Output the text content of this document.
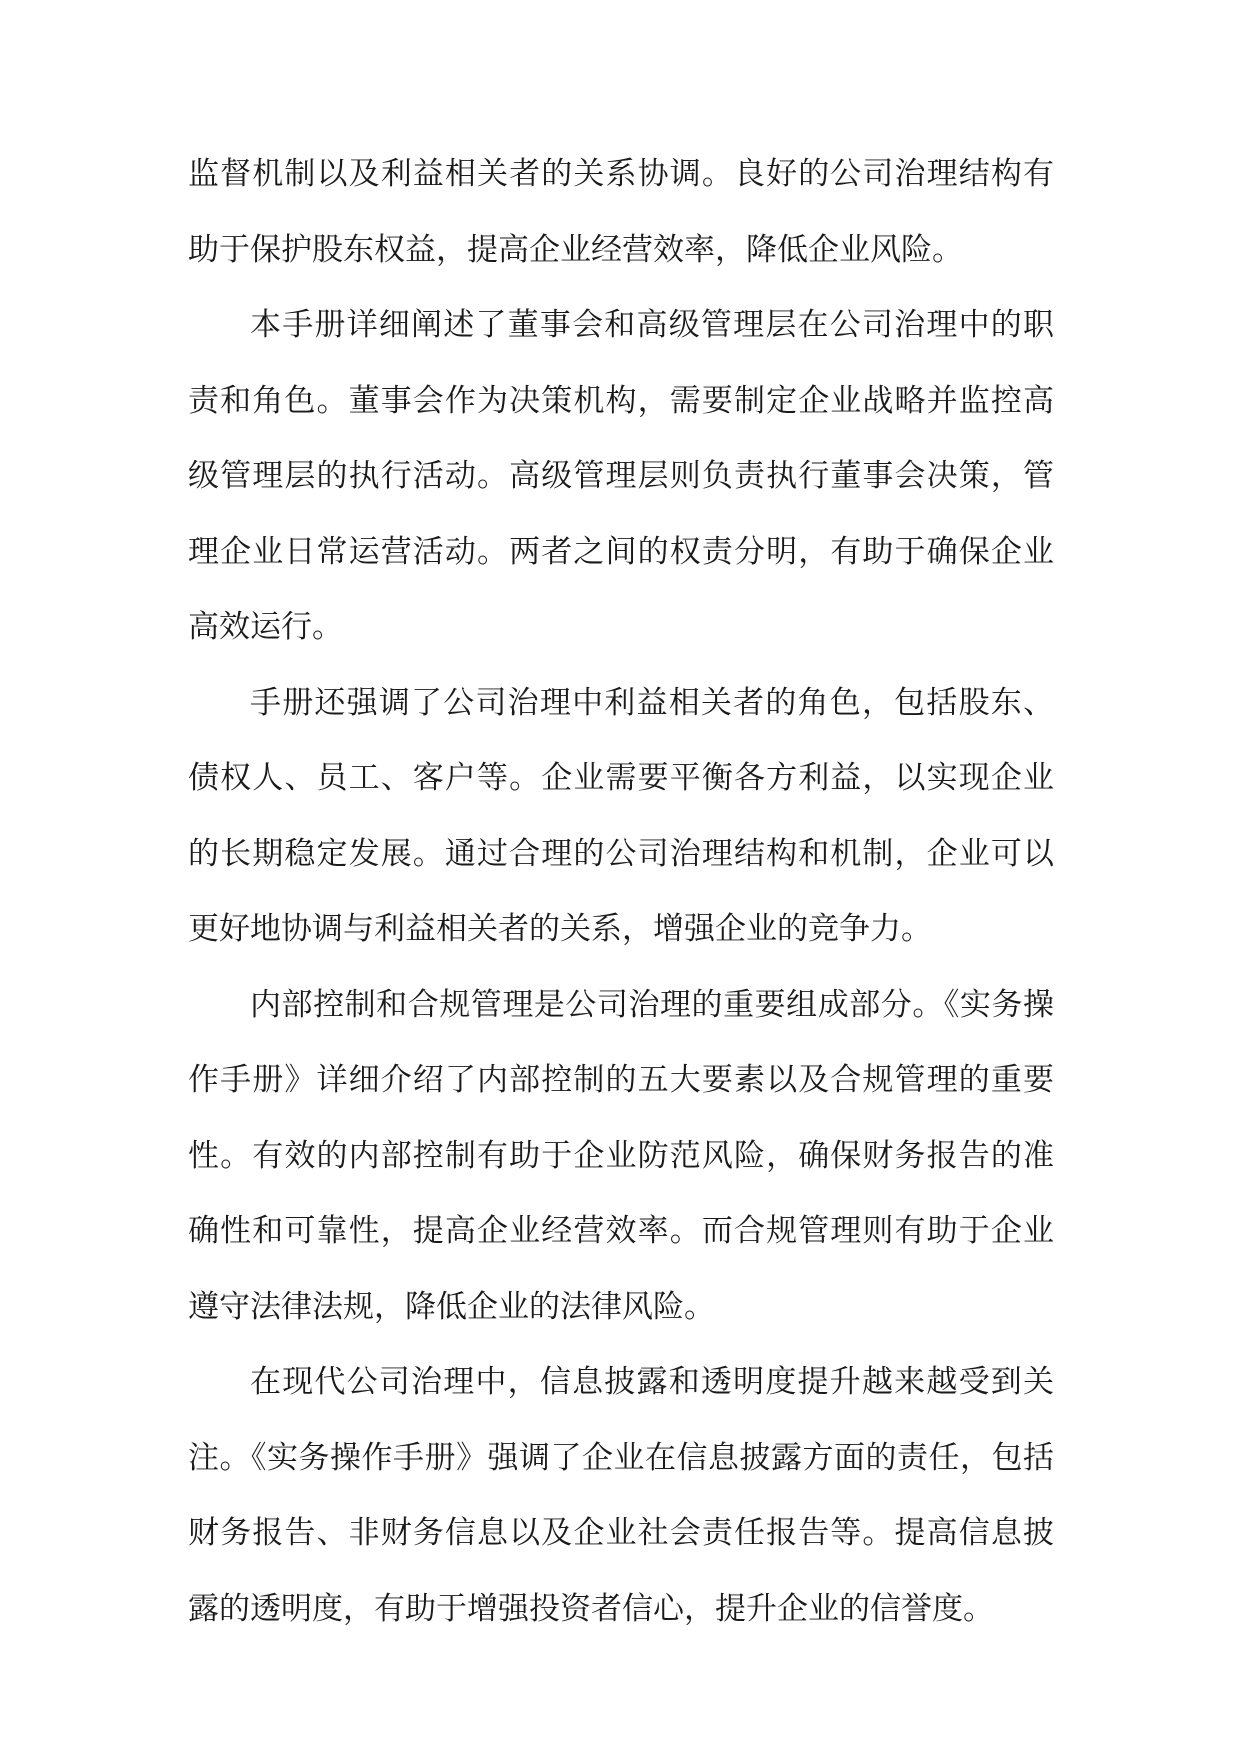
监督机制以及利益相关者的关系协调。良好的公司治理结构有助于保护股东权益，提高企业经营效率，降低企业风险。

本手册详细阐述了董事会和高级管理层在公司治理中的职责和角色。董事会作为决策机构，需要制定企业战略并监控高级管理层的执行活动。高级管理层则负责执行董事会决策，管理企业日常运营活动。两者之间的权责分明，有助于确保企业高效运行。

手册还强调了公司治理中利益相关者的角色，包括股东、债权人、员工、客户等。企业需要平衡各方利益，以实现企业的长期稳定发展。通过合理的公司治理结构和机制，企业可以更好地协调与利益相关者的关系，增强企业的竞争力。

内部控制和合规管理是公司治理的重要组成部分。《实务操作手册》详细介绍了内部控制的五大要素以及合规管理的重要性。有效的内部控制有助于企业防范风险，确保财务报告的准确性和可靠性，提高企业经营效率。而合规管理则有助于企业遵守法律法规，降低企业的法律风险。

在现代公司治理中，信息披露和透明度提升越来越受到关注。《实务操作手册》强调了企业在信息披露方面的责任，包括财务报告、非财务信息以及企业社会责任报告等。提高信息披露的透明度，有助于增强投资者信心，提升企业的信誉度。
